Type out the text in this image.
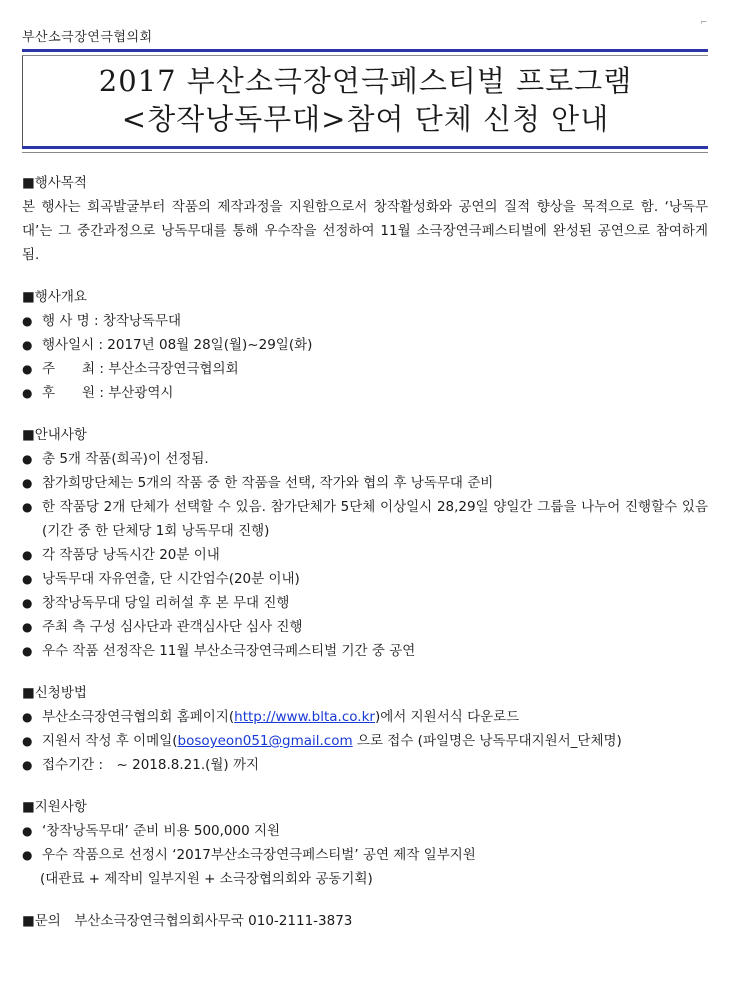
부산소극장연극협의회
⌐
2017 부산소극장연극페스티벌 프로그램
<창작낭독무대>참여 단체 신청 안내
■행사목적
본 행사는 희곡발굴부터 작품의 제작과정을 지원함으로서 창작활성화와 공연의 질적 향상을 목적으로 함. ‘낭독무대’는 그 중간과정으로 낭독무대를 통해 우수작을 선정하여 11월 소극장연극페스티벌에 완성된 공연으로 참여하게 됨.
■행사개요
● 행 사 명 : 창작낭독무대
● 행사일시 : 2017년 08월 28일(월)~29일(화)
● 주　　최 : 부산소극장연극협의회
● 후　　원 : 부산광역시
■안내사항
● 총 5개 작품(희곡)이 선정됨.
● 참가희망단체는 5개의 작품 중 한 작품을 선택, 작가와 협의 후 낭독무대 준비
● 한 작품당 2개 단체가 선택할 수 있음. 참가단체가 5단체 이상일시 28,29일 양일간 그룹을 나누어 진행할수 있음(기간 중 한 단체당 1회 낭독무대 진행)
● 각 작품당 낭독시간 20분 이내
● 낭독무대 자유연출, 단 시간엄수(20분 이내)
● 창작낭독무대 당일 리허설 후 본 무대 진행
● 주최 측 구성 심사단과 관객심사단 심사 진행
● 우수 작품 선정작은 11월 부산소극장연극페스티벌 기간 중 공연
■신청방법
● 부산소극장연극협의회 홈페이지(http://www.blta.co.kr)에서 지원서식 다운로드
● 지원서 작성 후 이메일(bosoyeon051@gmail.com 으로 접수 (파일명은 낭독무대지원서_단체명)
● 접수기간 :　~ 2018.8.21.(월) 까지
■지원사항
● ‘창작낭독무대’ 준비 비용 500,000 지원
● 우수 작품으로 선정시 ‘2017부산소극장연극페스티벌’ 공연 제작 일부지원
(대관료 + 제작비 일부지원 + 소극장협의회와 공동기획)
■문의　부산소극장연극협의회사무국 010-2111-3873
